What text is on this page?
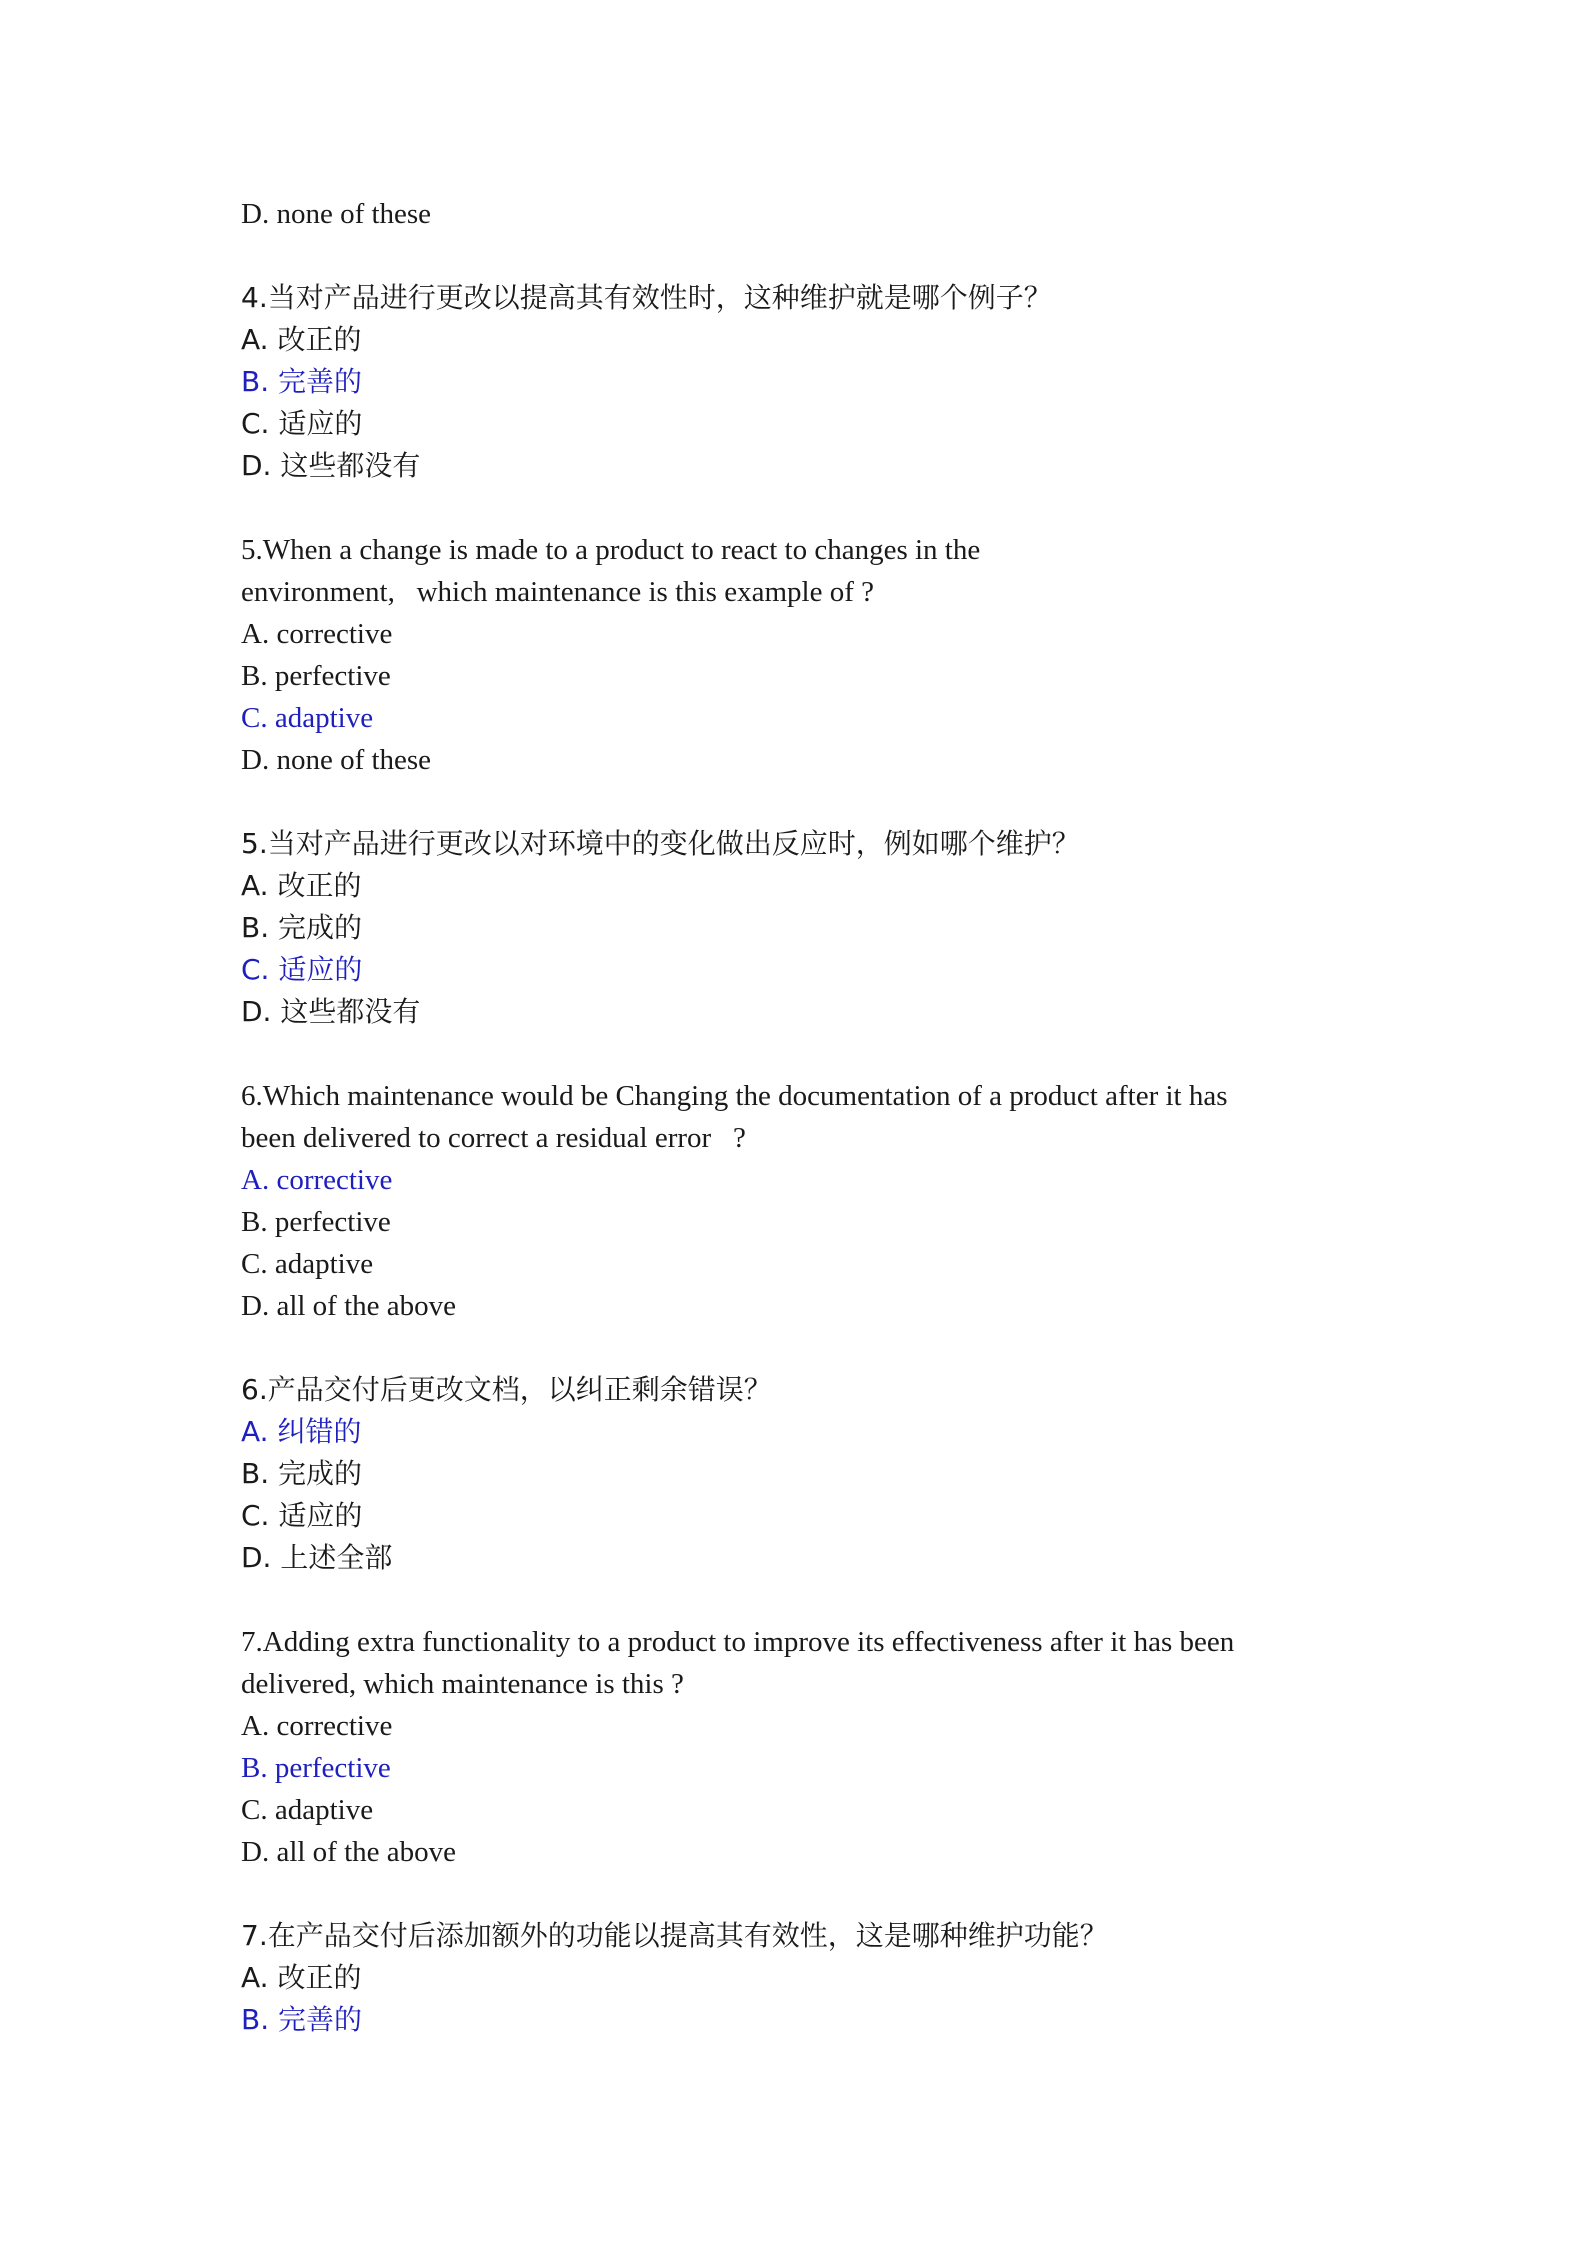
D. none of these
4.当对产品进行更改以提高其有效性时，这种维护就是哪个例子？
A. 改正的
B. 完善的
C. 适应的
D. 这些都没有
5.When a change is made to a product to react to changes in the
environment,   which maintenance is this example of ?
A. corrective
B. perfective
C. adaptive
D. none of these
5.当对产品进行更改以对环境中的变化做出反应时，例如哪个维护？
A. 改正的
B. 完成的
C. 适应的
D. 这些都没有
6.Which maintenance would be Changing the documentation of a product after it has
been delivered to correct a residual error   ?
A. corrective
B. perfective
C. adaptive
D. all of the above
6.产品交付后更改文档，以纠正剩余错误？
A. 纠错的
B. 完成的
C. 适应的
D. 上述全部
7.Adding extra functionality to a product to improve its effectiveness after it has been
delivered, which maintenance is this ?
A. corrective
B. perfective
C. adaptive
D. all of the above
7.在产品交付后添加额外的功能以提高其有效性，这是哪种维护功能？
A. 改正的
B. 完善的
